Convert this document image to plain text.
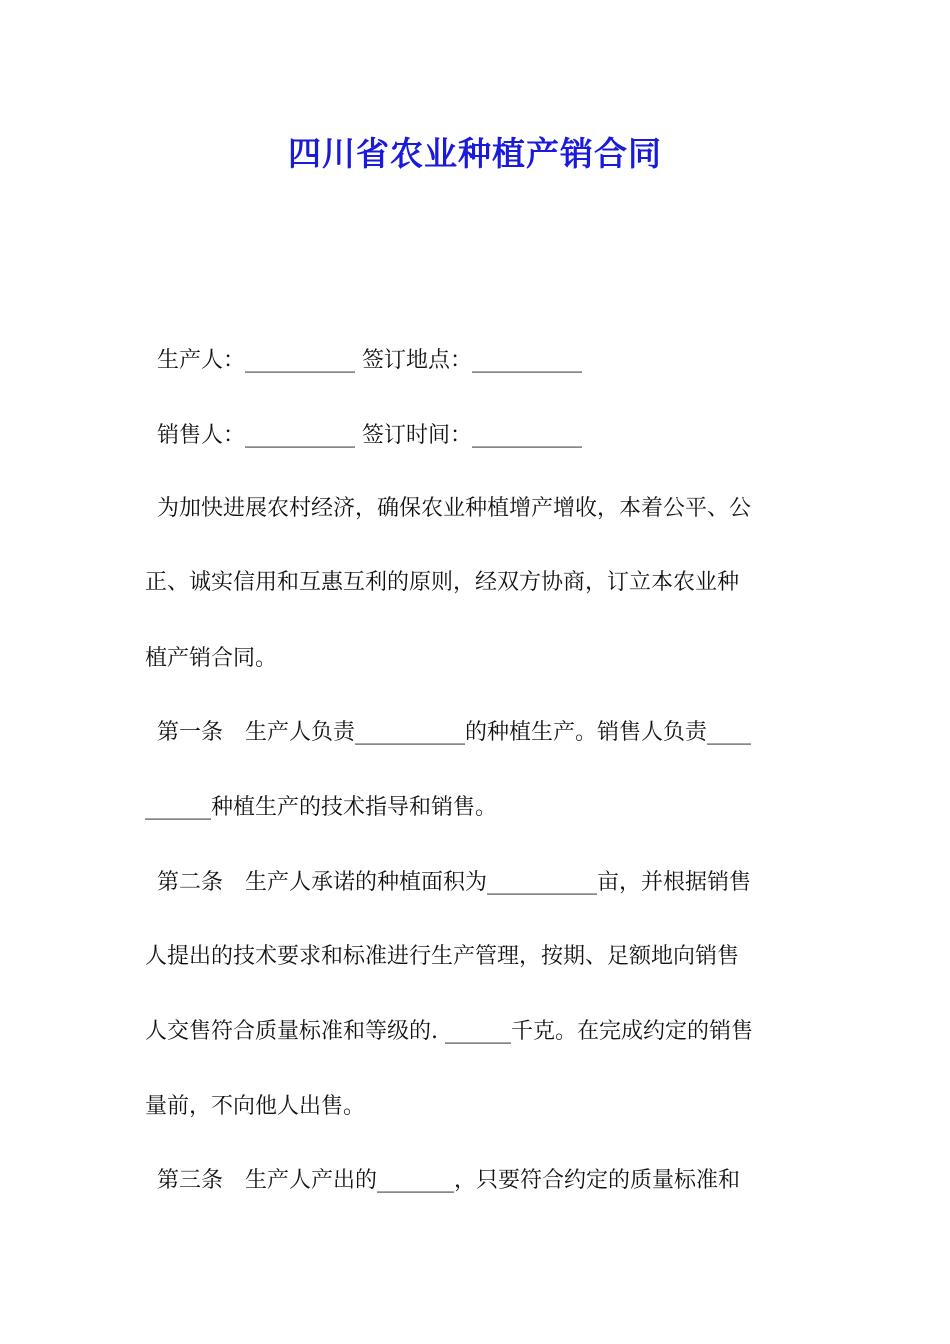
四川省农业种植产销合同
生产人：__________ 签订地点：__________
销售人：__________ 签订时间：__________
为加快进展农村经济，确保农业种植增产增收，本着公平、公
正、诚实信用和互惠互利的原则，经双方协商，订立本农业种
植产销合同。
第一条　生产人负责__________的种植生产。销售人负责____
______种植生产的技术指导和销售。
第二条　生产人承诺的种植面积为__________亩，并根据销售
人提出的技术要求和标准进行生产管理，按期、足额地向销售
人交售符合质量标准和等级的. ______千克。在完成约定的销售
量前，不向他人出售。
第三条　生产人产出的_______，只要符合约定的质量标准和
